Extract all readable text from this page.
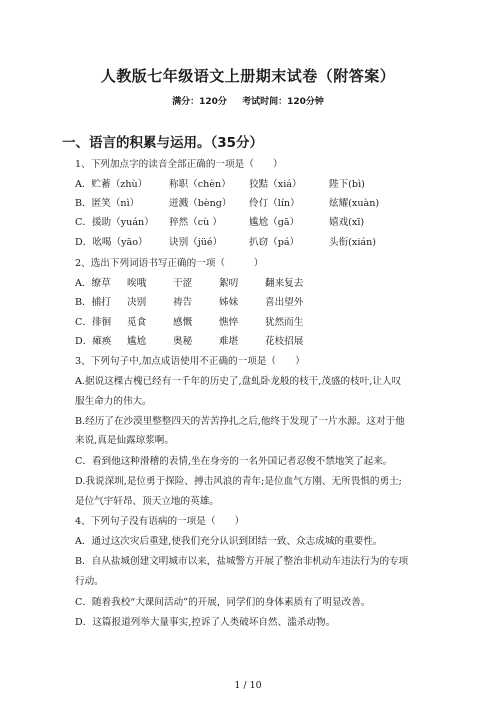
人教版七年级语文上册期末试卷（附答案）
满分：120分 考试时间：120分钟
一、语言的积累与运用。（35分）
1、下列加点字的读音全部正确的一项是（　　）
A．贮蓄（zhù） 称职（chèn） 狡黠（xiá）	陛下(bì)
B．匿笑（nì）	迸溅（bèng） 伶仃（lín）	炫耀(xuàn)
C．援助（yuán） 猝然（cù ）	尴尬（gā）	嬉戏(xī)
D．吆喝（yāo） 诀别（jüé）	扒窃（pá）	头衔(xián)
2、选出下列词语书写正确的一项（　　　）
A．缭草 唉哦	干涩	絮叨	翻来复去
B．捕打 决别	祷告	姊妹	喜出望外
C．徘徊 觅食	感慨	憔悴	犹然而生
D．瘫痪 尴尬	奥秘	难堪	花枝招展
3、下列句子中,加点成语使用不正确的一项是（　　）
A.据说这棵古槐已经有一千年的历史了,盘虬卧龙般的枝干,茂盛的枝叶,让人叹
服生命力的伟大。
B.经历了在沙漠里整整四天的苦苦挣扎之后,他终于发现了一片水源。这对于他
来说,真是仙露琼浆啊。
C．看到他这种滑稽的表情,坐在身旁的一名外国记者忍俊不禁地笑了起来。
D.我说深圳,是位勇于探险、搏击风浪的青年;是位血气方刚、无所畏惧的勇士;
是位气宇轩昂、顶天立地的英雄。
4、下列句子没有语病的一项是（　　）
A．通过这次灾后重建,使我们充分认识到团结一致、众志成城的重要性。
B．自从盐城创建文明城市以来，盐城警方开展了整治非机动车违法行为的专项
行动。
C．随着我校“大课间活动”的开展，同学们的身体素质有了明显改善。
D．这篇报道列举大量事实,控诉了人类破坏自然、滥杀动物。
1 / 10
